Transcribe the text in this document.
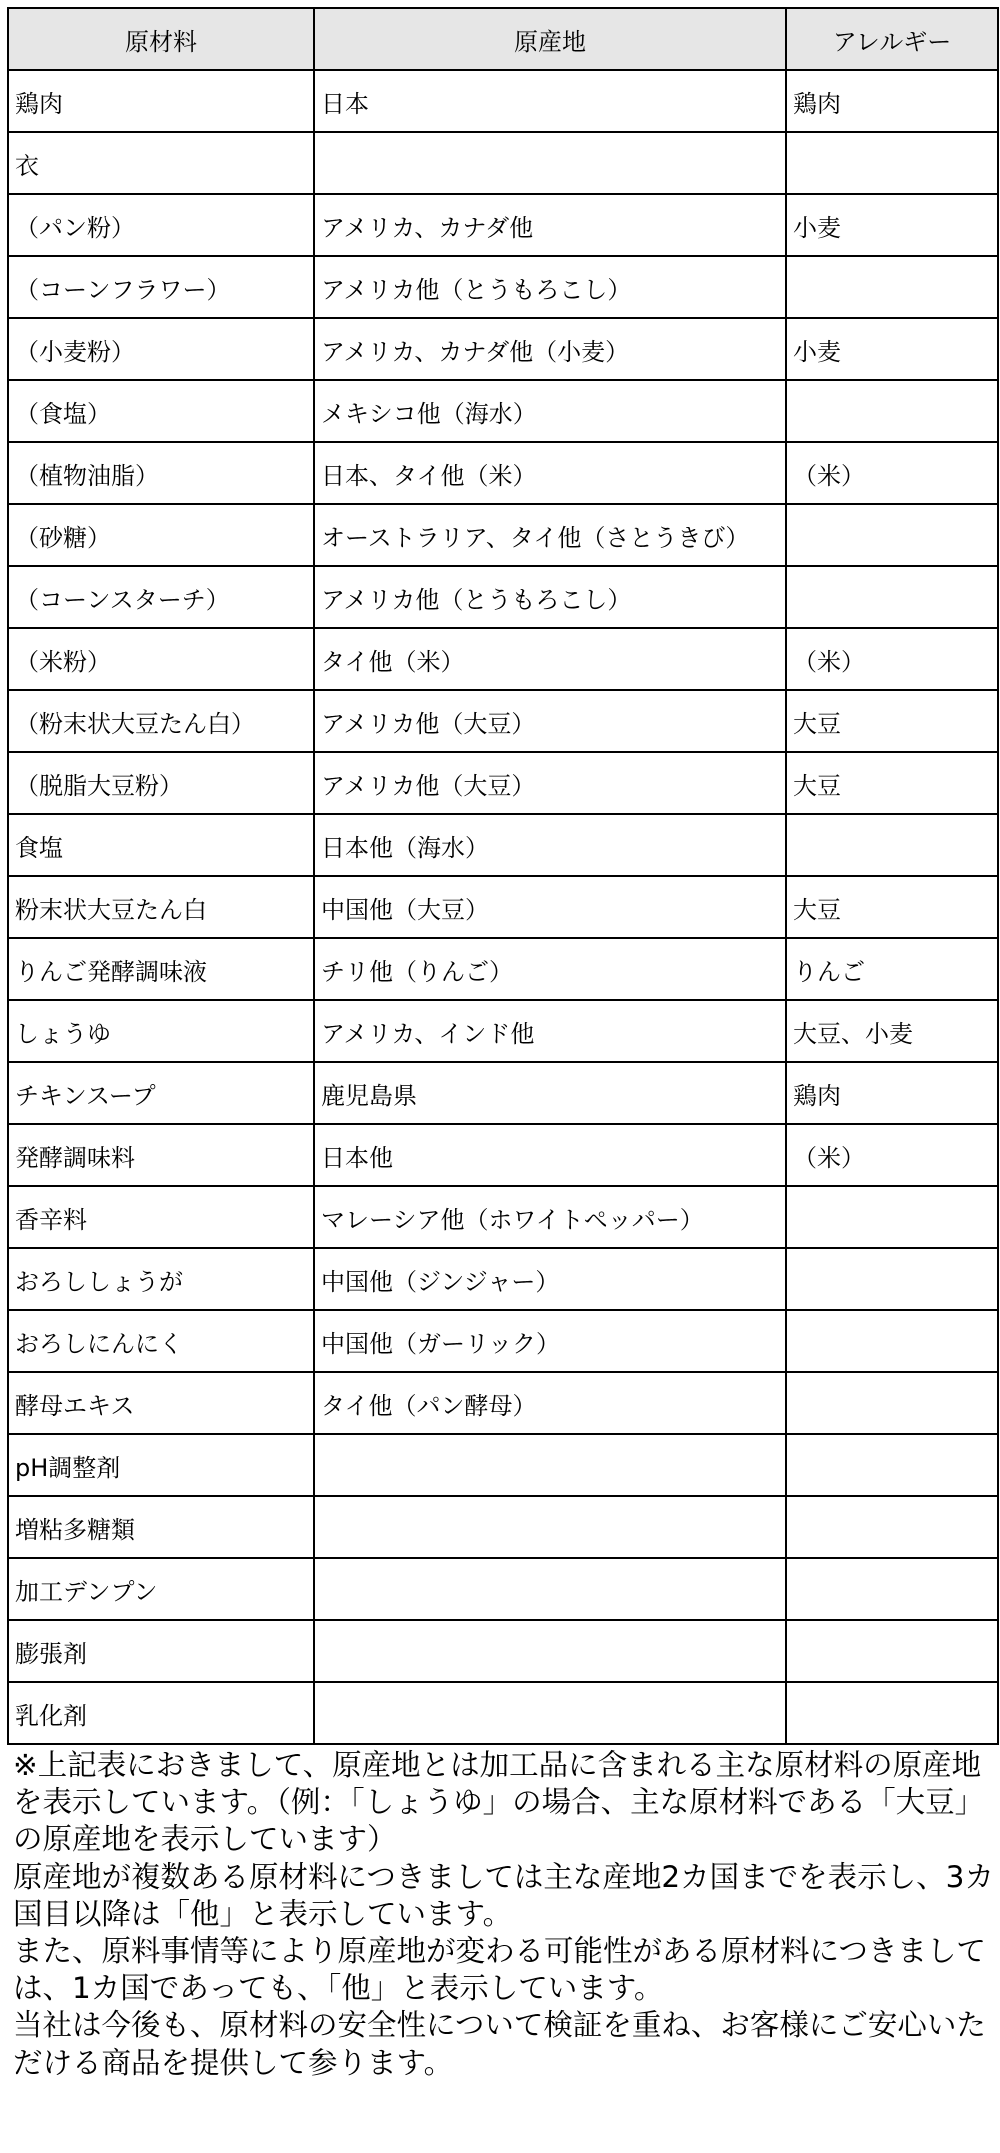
原材料	原産地	アレルギー
鶏肉	日本	鶏肉
衣		
（パン粉）	アメリカ、カナダ他	小麦
（コーンフラワー）	アメリカ他（とうもろこし）	
（小麦粉）	アメリカ、カナダ他（小麦）	小麦
（食塩）	メキシコ他（海水）	
（植物油脂）	日本、タイ他（米）	（米）
（砂糖）	オーストラリア、タイ他（さとうきび）	
（コーンスターチ）	アメリカ他（とうもろこし）	
（米粉）	タイ他（米）	（米）
（粉末状大豆たん白）	アメリカ他（大豆）	大豆
（脱脂大豆粉）	アメリカ他（大豆）	大豆
食塩	日本他（海水）	
粉末状大豆たん白	中国他（大豆）	大豆
りんご発酵調味液	チリ他（りんご）	りんご
しょうゆ	アメリカ、インド他	大豆、小麦
チキンスープ	鹿児島県	鶏肉
発酵調味料	日本他	（米）
香辛料	マレーシア他（ホワイトペッパー）	
おろししょうが	中国他（ジンジャー）	
おろしにんにく	中国他（ガーリック）	
酵母エキス	タイ他（パン酵母）	
pH調整剤		
増粘多糖類		
加工デンプン		
膨張剤		
乳化剤		

※上記表におきまして、原産地とは加工品に含まれる主な原材料の原産地を表示しています。（例：「しょうゆ」の場合、主な原材料である「大豆」の原産地を表示しています）

原産地が複数ある原材料につきましては主な産地2カ国までを表示し、3カ国目以降は「他」と表示しています。

また、原料事情等により原産地が変わる可能性がある原材料につきましては、1カ国であっても、「他」と表示しています。

当社は今後も、原材料の安全性について検証を重ね、お客様にご安心いただける商品を提供して参ります。
